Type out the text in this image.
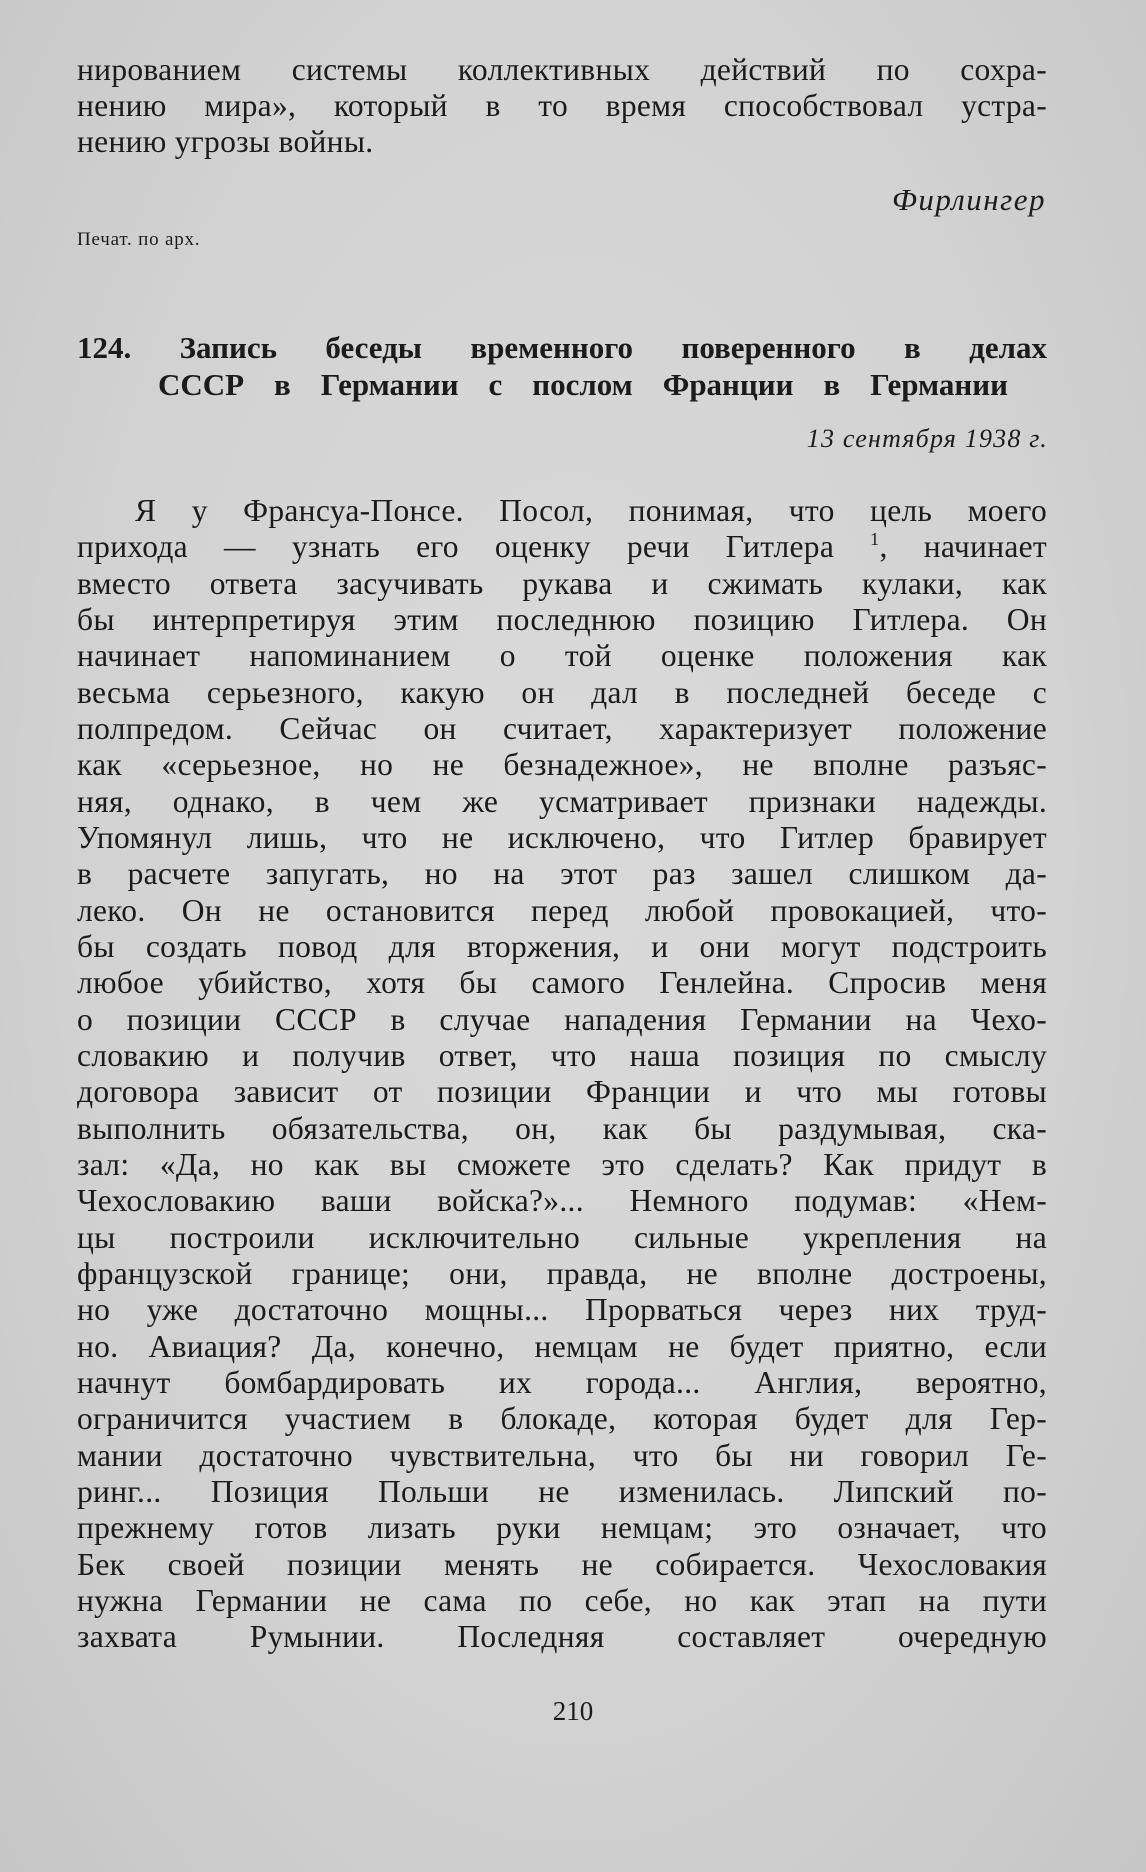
нированием системы коллективных действий по сохра-
нению мира», который в то время способствовал устра-
нению угрозы войны.
Фирлингер
Печат. по арх.
124. Запись беседы временного поверенного в делах
СССР в Германии с послом Франции в Германии
13 сентября 1938 г.
Я у Франсуа-Понсе. Посол, понимая, что цель моего
прихода — узнать его оценку речи Гитлера $^1$, начинает
вместо ответа засучивать рукава и сжимать кулаки, как
бы интерпретируя этим последнюю позицию Гитлера. Он
начинает напоминанием о той оценке положения как
весьма серьезного, какую он дал в последней беседе с
полпредом. Сейчас он считает, характеризует положение
как «серьезное, но не безнадежное», не вполне разъяс-
няя, однако, в чем же усматривает признаки надежды.
Упомянул лишь, что не исключено, что Гитлер бравирует
в расчете запугать, но на этот раз зашел слишком да-
леко. Он не остановится перед любой провокацией, что-
бы создать повод для вторжения, и они могут подстроить
любое убийство, хотя бы самого Генлейна. Спросив меня
о позиции СССР в случае нападения Германии на Чехо-
словакию и получив ответ, что наша позиция по смыслу
договора зависит от позиции Франции и что мы готовы
выполнить обязательства, он, как бы раздумывая, ска-
зал: «Да, но как вы сможете это сделать? Как придут в
Чехословакию ваши войска?»... Немного подумав: «Нем-
цы построили исключительно сильные укрепления на
французской границе; они, правда, не вполне достроены,
но уже достаточно мощны... Прорваться через них труд-
но. Авиация? Да, конечно, немцам не будет приятно, если
начнут бомбардировать их города... Англия, вероятно,
ограничится участием в блокаде, которая будет для Гер-
мании достаточно чувствительна, что бы ни говорил Ге-
ринг... Позиция Польши не изменилась. Липский по-
прежнему готов лизать руки немцам; это означает, что
Бек своей позиции менять не собирается. Чехословакия
нужна Германии не сама по себе, но как этап на пути
захвата Румынии. Последняя составляет очередную
210
